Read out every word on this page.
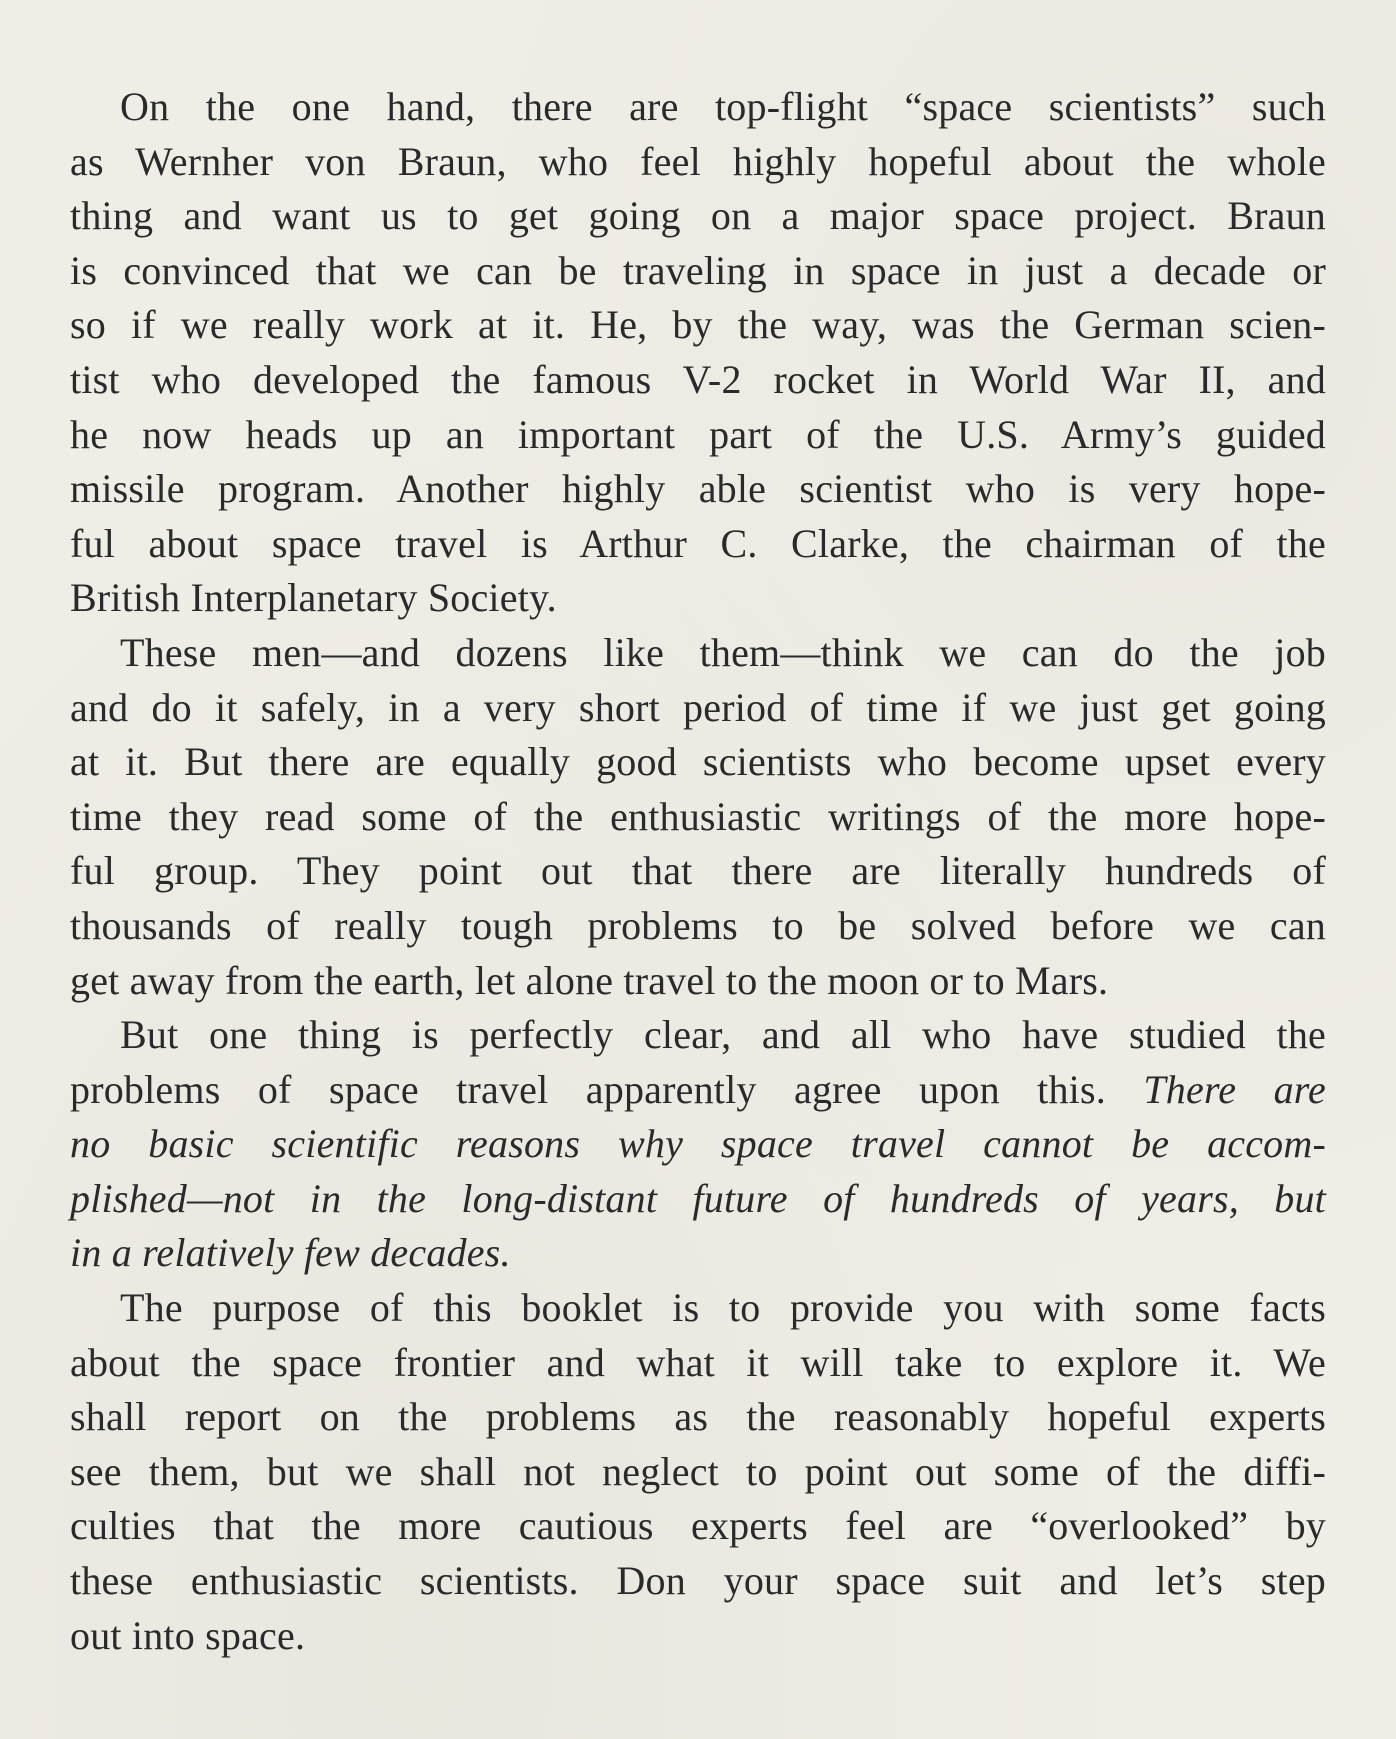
On the one hand, there are top-flight “space scientists” such
as Wernher von Braun, who feel highly hopeful about the whole
thing and want us to get going on a major space project. Braun
is convinced that we can be traveling in space in just a decade or
so if we really work at it. He, by the way, was the German scien-
tist who developed the famous V-2 rocket in World War II, and
he now heads up an important part of the U.S. Army’s guided
missile program. Another highly able scientist who is very hope-
ful about space travel is Arthur C. Clarke, the chairman of the
British Interplanetary Society.
These men—and dozens like them—think we can do the job
and do it safely, in a very short period of time if we just get going
at it. But there are equally good scientists who become upset every
time they read some of the enthusiastic writings of the more hope-
ful group. They point out that there are literally hundreds of
thousands of really tough problems to be solved before we can
get away from the earth, let alone travel to the moon or to Mars.
But one thing is perfectly clear, and all who have studied the
problems of space travel apparently agree upon this. There are
no basic scientific reasons why space travel cannot be accom-
plished—not in the long-distant future of hundreds of years, but
in a relatively few decades.
The purpose of this booklet is to provide you with some facts
about the space frontier and what it will take to explore it. We
shall report on the problems as the reasonably hopeful experts
see them, but we shall not neglect to point out some of the diffi-
culties that the more cautious experts feel are “overlooked” by
these enthusiastic scientists. Don your space suit and let’s step
out into space.
